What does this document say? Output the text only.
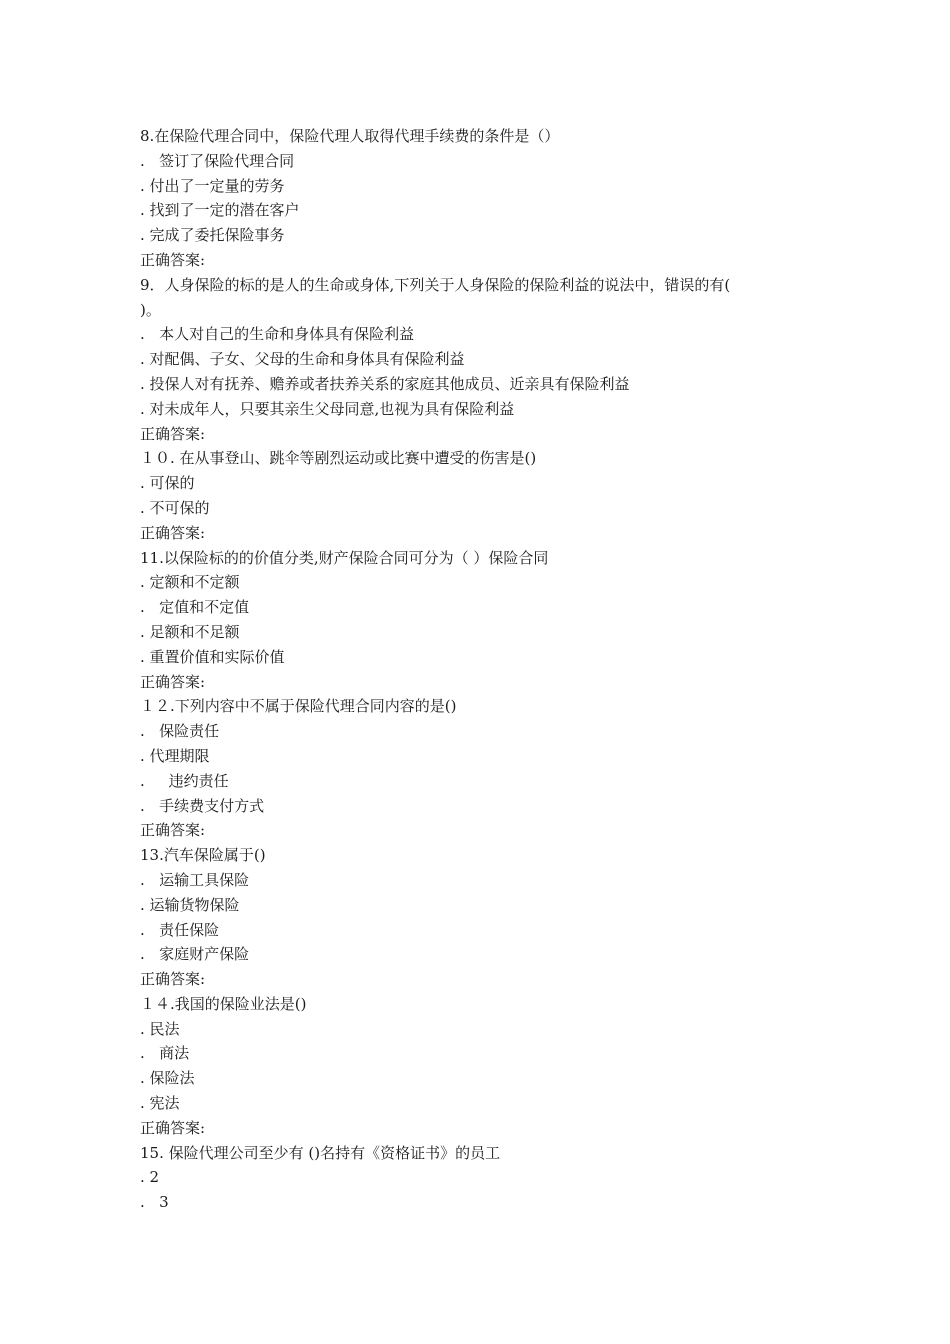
8.在保险代理合同中，保险代理人取得代理手续费的条件是（）
.   签订了保险代理合同
. 付出了一定量的劳务
. 找到了一定的潜在客户
. 完成了委托保险事务
正确答案:
9．人身保险的标的是人的生命或身体,下列关于人身保险的保险利益的说法中，错误的有(
)。
.   本人对自己的生命和身体具有保险利益
. 对配偶、子女、父母的生命和身体具有保险利益
. 投保人对有抚养、赡养或者扶养关系的家庭其他成员、近亲具有保险利益
. 对未成年人，只要其亲生父母同意,也视为具有保险利益
正确答案:
１０. 在从事登山、跳伞等剧烈运动或比赛中遭受的伤害是()
. 可保的
. 不可保的
正确答案:
11.以保险标的的价值分类,财产保险合同可分为（ ）保险合同
. 定额和不定额
.   定值和不定值
. 足额和不足额
. 重置价值和实际价值
正确答案:
１２.下列内容中不属于保险代理合同内容的是()
.   保险责任
. 代理期限
.     违约责任
.   手续费支付方式
正确答案:
13.汽车保险属于()
.   运输工具保险
. 运输货物保险
.   责任保险
.   家庭财产保险
正确答案:
１４.我国的保险业法是()
. 民法
.   商法
. 保险法
. 宪法
正确答案:
15. 保险代理公司至少有 ()名持有《资格证书》的员工
. 2
.   3
